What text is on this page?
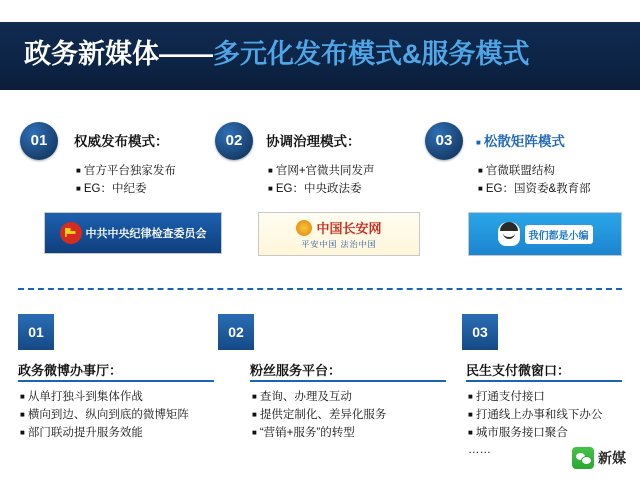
政务新媒体——多元化发布模式&服务模式
01	权威发布模式：
■ 官方平台独家发布
■ EG：中纪委
中共中央纪律检查委员会
02	协调治理模式：
■ 官网+官微共同发声
■ EG：中央政法委
中国长安网
平安中国 法治中国
03	■ 松散矩阵模式
■ 官微联盟结构
■ EG：国资委&教育部
我们都是小编
01
政务微博办事厅：
■ 从单打独斗到集体作战
■ 横向到边、纵向到底的微博矩阵
■ 部门联动提升服务效能
02
粉丝服务平台：
■ 查询、办理及互动
■ 提供定制化、差异化服务
■ “营销+服务”的转型
03
民生支付微窗口：
■ 打通支付接口
■ 打通线上办事和线下办公
■ 城市服务接口聚合
……	新媒
